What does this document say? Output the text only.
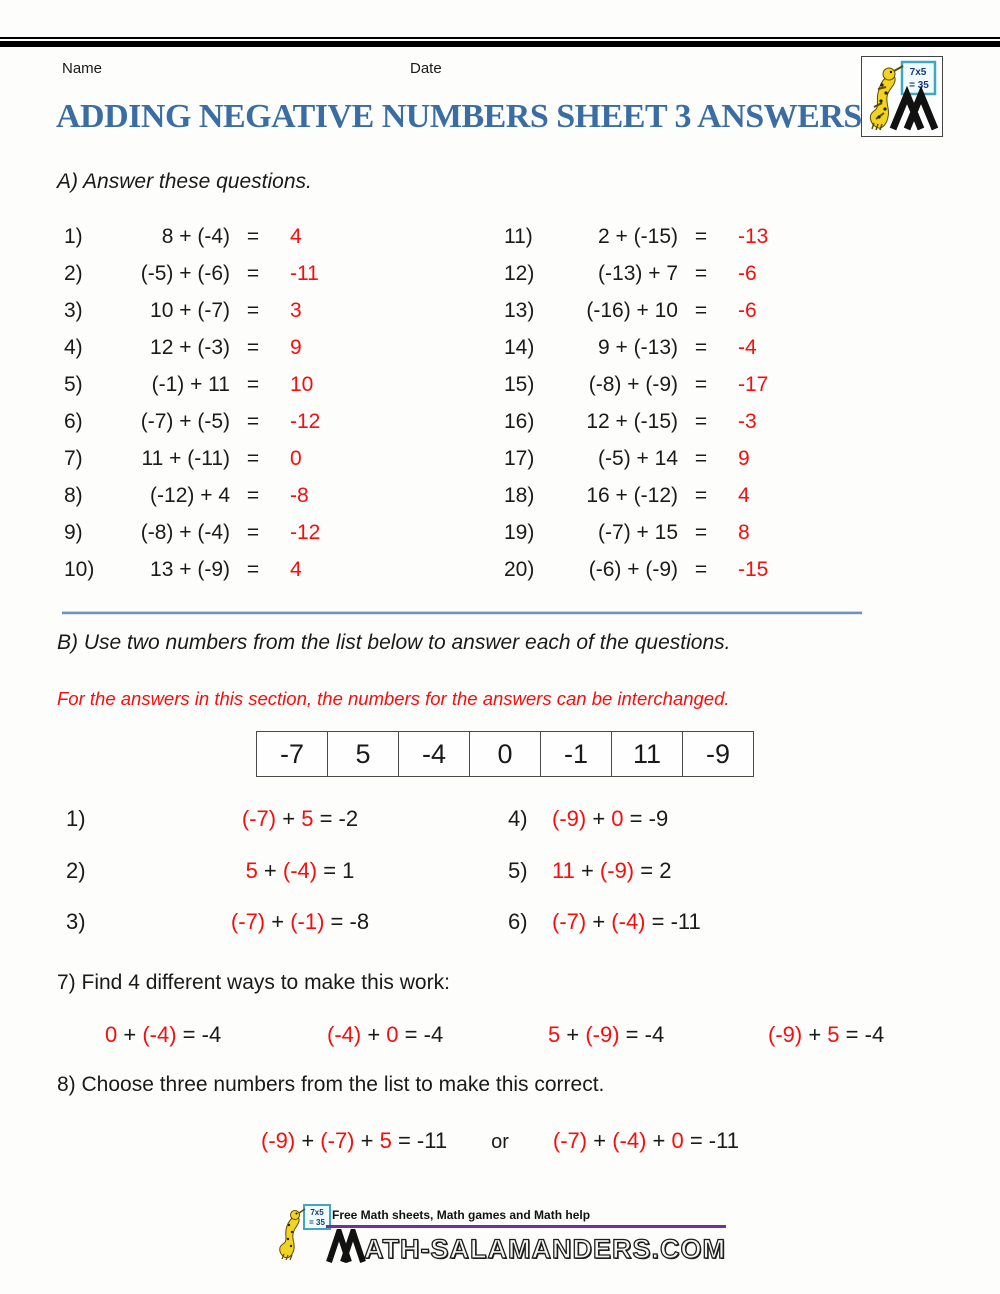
Name	Date	7x5
= 35
ADDING NEGATIVE NUMBERS SHEET 3 ANSWERS
A) Answer these questions.
1)	8 + (-4) =	4
2)	(-5) + (-6) =	-11
3)	10 + (-7) =	3
4)	12 + (-3) =	9
5)	(-1) + 11 =	10
6)	(-7) + (-5) =	-12
7)	11 + (-11) =	0
8)	(-12) + 4 =	-8
9)	(-8) + (-4) =	-12
10)	13 + (-9) =	4
11)	2 + (-15) =	-13
12)	(-13) + 7 =	-6
13)	(-16) + 10 =	-6
14)	9 + (-13) =	-4
15)	(-8) + (-9) =	-17
16)	12 + (-15) =	-3
17)	(-5) + 14 =	9
18)	16 + (-12) =	4
19)	(-7) + 15 =	8
20)	(-6) + (-9) =	-15
B) Use two numbers from the list below to answer each of the questions.
For the answers in this section, the numbers for the answers can be interchanged.
-7	5	-4	0	-1	11	-9
1)	(-7) + 5 = -2	4) (-9) + 0 = -9
2)	5 + (-4) = 1	5) 11 + (-9) = 2
3)	(-7) + (-1) = -8	6) (-7) + (-4) = -11
7) Find 4 different ways to make this work:
0 + (-4) = -4	(-4) + 0 = -4	5 + (-9) = -4	(-9) + 5 = -4
8) Choose three numbers from the list to make this correct.
(-9) + (-7) + 5 = -11 or (-7) + (-4) + 0 = -11
7x5
= 35
Free Math sheets, Math games and Math help
ATH-SALAMANDERS.COM
